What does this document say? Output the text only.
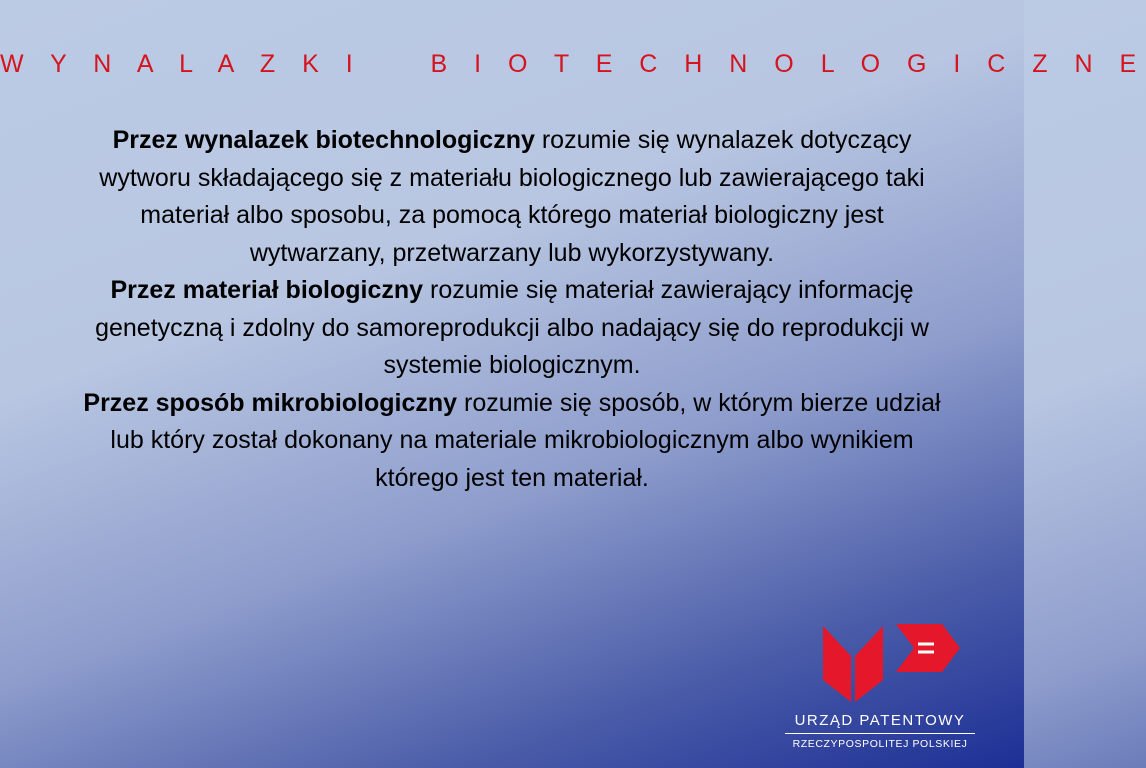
W Y N A L A Z K I    B I O T E C H N O L O G I C Z N E

Przez wynalazek biotechnologiczny rozumie się wynalazek dotyczący wytworu składającego się z materiału biologicznego lub zawierającego taki materiał albo sposobu, za pomocą którego materiał biologiczny jest wytwarzany, przetwarzany lub wykorzystywany.

Przez materiał biologiczny rozumie się materiał zawierający informację genetyczną i zdolny do samoreprodukcji albo nadający się do reprodukcji w systemie biologicznym.

Przez sposób mikrobiologiczny rozumie się sposób, w którym bierze udział lub który został dokonany na materiale mikrobiologicznym albo wynikiem którego jest ten materiał.

URZĄD PATENTOWY
RZECZYPOSPOLITEJ POLSKIEJ
